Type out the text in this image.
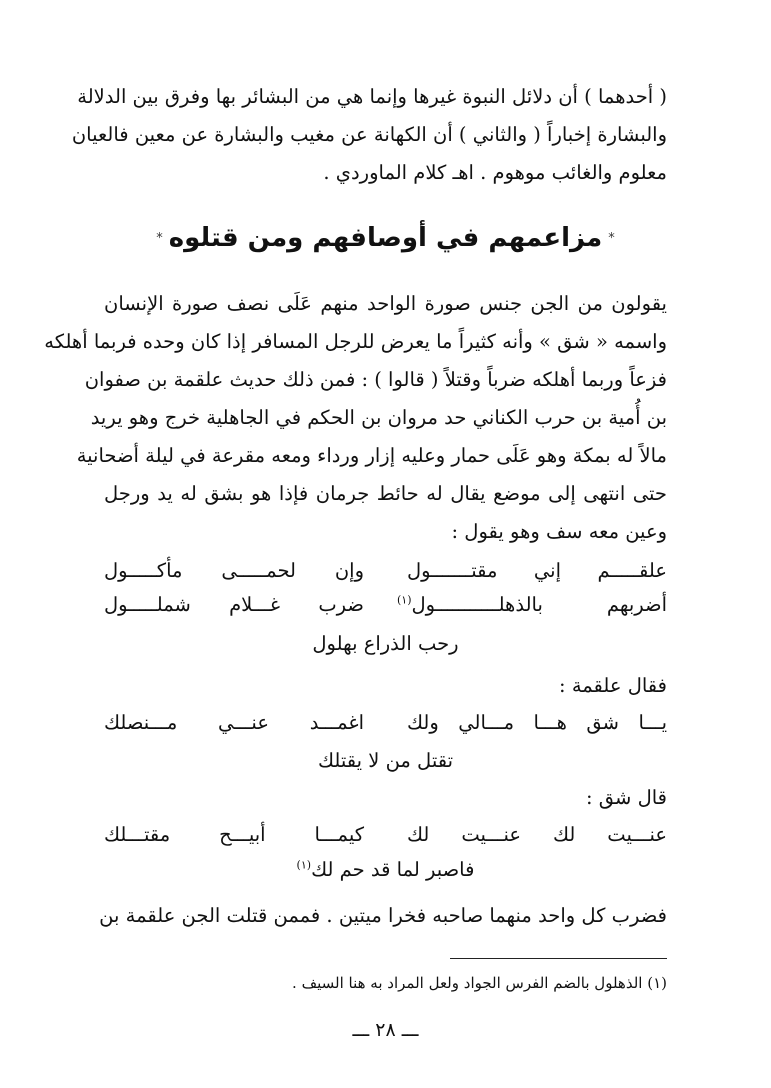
( أحدهما ) أن دلائل النبوة غيرها وإنما هي من البشائر بها وفرق بين الدلالة
والبشارة إخباراً ( والثاني ) أن الكهانة عن مغيب والبشارة عن معين فالعيان
معلوم والغائب موهوم . اهـ كلام الماوردي .
*مزاعمهم في أوصافهم ومن قتلوه*
يقولون من الجن جنس صورة الواحد منهم عَلَى نصف صورة الإنسان
واسمه « شق » وأنه كثيراً ما يعرض للرجل المسافر إذا كان وحده فربما أهلكه
فزعاً وربما أهلكه ضرباً وقتلاً ( قالوا ) : فمن ذلك حديث علقمة بن صفوان
بن أُمية بن حرب الكناني حد مروان بن الحكم في الجاهلية خرج وهو يريد
مالاً له بمكة وهو عَلَى حمار وعليه إزار ورداء ومعه مقرعة في ليلة أضحانية
حتى انتهى إلى موضع يقال له حائط جرمان فإذا هو بشق له يد ورجل
وعين معه سف وهو يقول :
علقـــــم إني مقتـــــــول
وإن لحمـــــى مأكـــــول
أضربهم بالذهلـــــــــــول$^{(١)}$
ضرب غـــلام شملـــــول
رحب الذراع بهلول
فقال علقمة :
يـــا شق هـــا مـــالي ولك
اغمـــد عنـــي مـــنصلك
تقتل من لا يقتلك
قال شق :
عنـــيت لك عنـــيت لك
كيمـــا أبيـــح مقتـــلك
فاصبر لما قد حم لك$^{(١)}$
فضرب كل واحد منهما صاحبه فخرا ميتين . فممن قتلت الجن علقمة بن
(١) الذهلول بالضم الفرس الجواد ولعل المراد به هنا السيف .
ـــ ٢٨ ـــ
